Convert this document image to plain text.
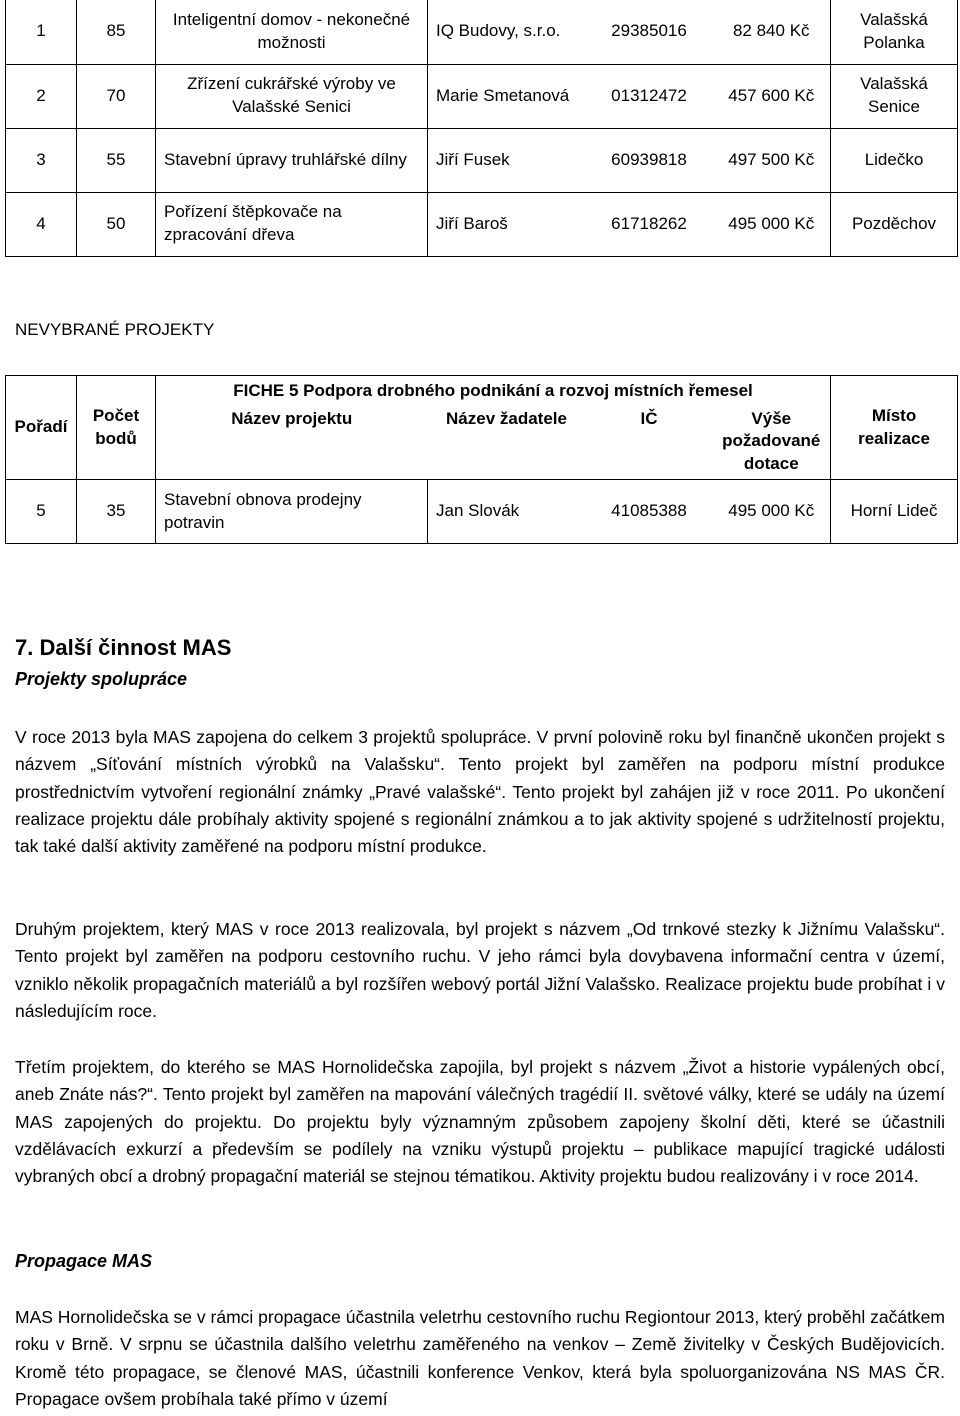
1	85	Inteligentní domov - nekonečné možnosti	IQ Budovy, s.r.o.	29385016	82 840 Kč	Valašská Polanka
2	70	Zřízení cukrářské výroby ve Valašské Senici	Marie Smetanová	01312472	457 600 Kč	Valašská Senice
3	55	Stavební úpravy truhlářské dílny	Jiří Fusek	60939818	497 500 Kč	Lidečko
4	50	Pořízení štěpkovače na zpracování dřeva	Jiří Baroš	61718262	495 000 Kč	Pozděchov
NEVYBRANÉ PROJEKTY
Pořadí	Počet bodů	FICHE 5 Podpora drobného podnikání a rozvoj místních řemesel				Místo realizace
		Název projektu	Název žadatele	IČ	Výše požadované dotace	
5	35	Stavební obnova prodejny potravin	Jan Slovák	41085388	495 000 Kč	Horní Lideč
7. Další činnost MAS
Projekty spolupráce

V roce 2013 byla MAS zapojena do celkem 3 projektů spolupráce. V první polovině roku byl finančně ukončen projekt s názvem „Síťování místních výrobků na Valašsku“. Tento projekt byl zaměřen na podporu místní produkce prostřednictvím vytvoření regionální známky „Pravé valašské“. Tento projekt byl zahájen již v roce 2011. Po ukončení realizace projektu dále probíhaly aktivity spojené s regionální známkou a to jak aktivity spojené s udržitelností projektu, tak také další aktivity zaměřené na podporu místní produkce.

Druhým projektem, který MAS v roce 2013 realizovala, byl projekt s názvem „Od trnkové stezky k Jižnímu Valašsku“. Tento projekt byl zaměřen na podporu cestovního ruchu. V jeho rámci byla dovybavena informační centra v území, vzniklo několik propagačních materiálů a byl rozšířen webový portál Jižní Valašsko. Realizace projektu bude probíhat i v následujícím roce.

Třetím projektem, do kterého se MAS Hornolidečska zapojila, byl projekt s názvem „Život a historie vypálených obcí, aneb Znáte nás?“. Tento projekt byl zaměřen na mapování válečných tragédií II. světové války, které se udály na území MAS zapojených do projektu. Do projektu byly významným způsobem zapojeny školní děti, které se účastnili vzdělávacích exkurzí a především se podílely na vzniku výstupů projektu – publikace mapující tragické události vybraných obcí a drobný propagační materiál se stejnou tématikou. Aktivity projektu budou realizovány i v roce 2014.

Propagace MAS

MAS Hornolidečska se v rámci propagace účastnila veletrhu cestovního ruchu Regiontour 2013, který proběhl začátkem roku v Brně. V srpnu se účastnila dalšího veletrhu zaměřeného na venkov – Země živitelky v Českých Budějovicích. Kromě této propagace, se členové MAS, účastnili konference Venkov, která byla spoluorganizována NS MAS ČR. Propagace ovšem probíhala také přímo v území
